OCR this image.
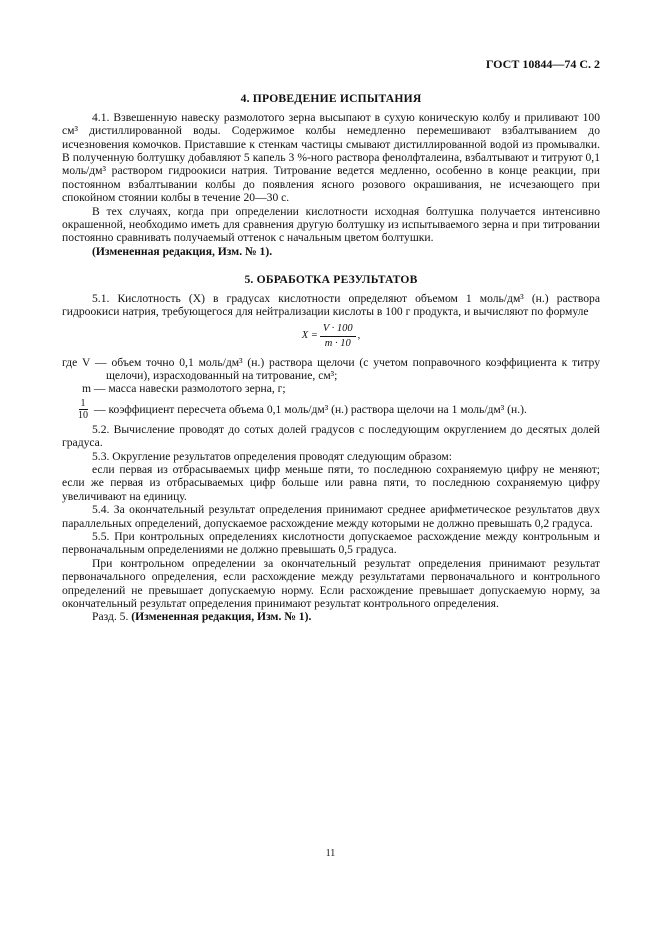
ГОСТ 10844—74 С. 2
4. ПРОВЕДЕНИЕ ИСПЫТАНИЯ

4.1. Взвешенную навеску размолотого зерна высыпают в сухую коническую колбу и приливают 100 см³ дистиллированной воды. Содержимое колбы немедленно перемешивают взбалтыванием до исчезновения комочков. Приставшие к стенкам частицы смывают дистиллированной водой из промывалки. В полученную болтушку добавляют 5 капель 3 %-ного раствора фенолфталеина, взбалтывают и титруют 0,1 моль/дм³ раствором гидроокиси натрия. Титрование ведется медленно, особенно в конце реакции, при постоянном взбалтывании колбы до появления ясного розового окрашивания, не исчезающего при спокойном стоянии колбы в течение 20—30 с.

В тех случаях, когда при определении кислотности исходная болтушка получается интенсивно окрашенной, необходимо иметь для сравнения другую болтушку из испытываемого зерна и при титровании постоянно сравнивать получаемый оттенок с начальным цветом болтушки.

(Измененная редакция, Изм. № 1).

5. ОБРАБОТКА РЕЗУЛЬТАТОВ

5.1. Кислотность (X) в градусах кислотности определяют объемом 1 моль/дм³ (н.) раствора гидроокиси натрия, требующегося для нейтрализации кислоты в 100 г продукта, и вычисляют по формуле

$X = \frac{V \cdot 100}{m \cdot 10}$ ,

где V — объем точно 0,1 моль/дм³ (н.) раствора щелочи (с учетом поправочного коэффициента к титру щелочи), израсходованный на титрование, см³;

m — масса навески размолотого зерна, г;

$\frac{1}{10}$ — коэффициент пересчета объема 0,1 моль/дм³ (н.) раствора щелочи на 1 моль/дм³ (н.).

5.2. Вычисление проводят до сотых долей градусов с последующим округлением до десятых долей градуса.

5.3. Округление результатов определения проводят следующим образом:

если первая из отбрасываемых цифр меньше пяти, то последнюю сохраняемую цифру не меняют; если же первая из отбрасываемых цифр больше или равна пяти, то последнюю сохраняемую цифру увеличивают на единицу.

5.4. За окончательный результат определения принимают среднее арифметическое результатов двух параллельных определений, допускаемое расхождение между которыми не должно превышать 0,2 градуса.

5.5. При контрольных определениях кислотности допускаемое расхождение между контрольным и первоначальным определениями не должно превышать 0,5 градуса.

При контрольном определении за окончательный результат определения принимают результат первоначального определения, если расхождение между результатами первоначального и контрольного определений не превышает допускаемую норму. Если расхождение превышает допускаемую норму, за окончательный результат определения принимают результат контрольного определения.

Разд. 5. (Измененная редакция, Изм. № 1).

11
